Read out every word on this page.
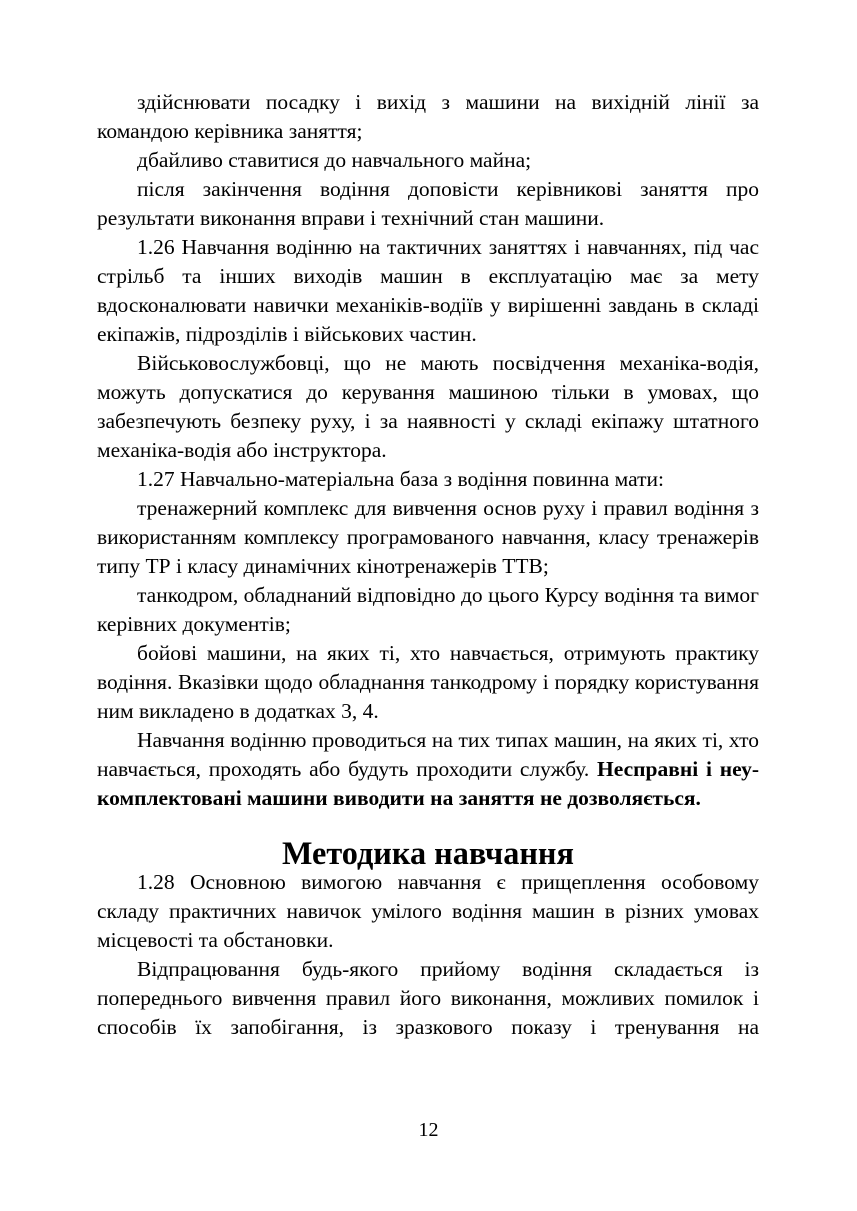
здійснювати посадку і вихід з машини на вихідній лінії за командою керівника заняття;

дбайливо ставитися до навчального майна;

після закінчення водіння доповісти керівникові заняття про результати виконання вправи і технічний стан машини.

1.26 Навчання водінню на тактичних заняттях і навчаннях, під час стрільб та інших виходів машин в експлуатацію має за мету вдосконалювати навички механіків-водіїв у вирішенні завдань в складі екіпажів, підрозділів і військових частин.

Військовослужбовці, що не мають посвідчення механіка-водія, можуть допускатися до керування машиною тільки в умовах, що забезпечують безпеку руху, і за наявності у складі екіпажу штатного механіка-водія або інструктора.

1.27 Навчально-матеріальна база з водіння повинна мати:

тренажерний комплекс для вивчення основ руху і правил водіння з використанням комплексу програмованого навчання, класу тренажерів типу ТР і класу динамічних кінотренажерів ТТВ;

танкодром, обладнаний відповідно до цього Курсу водіння та вимог керівних документів;

бойові машини, на яких ті, хто навчається, отримують практику водіння. Вказівки щодо обладнання танкодрому і порядку користування ним викладено в додатках 3, 4.

Навчання водінню проводиться на тих типах машин, на яких ті, хто навчається, проходять або будуть проходити службу. Несправні і неу- комплектовані машини виводити на заняття не дозволяється.

Методика навчання

1.28 Основною вимогою навчання є прищеплення особовому складу практичних навичок умілого водіння машин в різних умовах місцевості та обстановки.

Відпрацювання будь-якого прийому водіння складається із попереднього вивчення правил його виконання, можливих помилок і способів їх запобігання, із зразкового показу і тренування на

12
